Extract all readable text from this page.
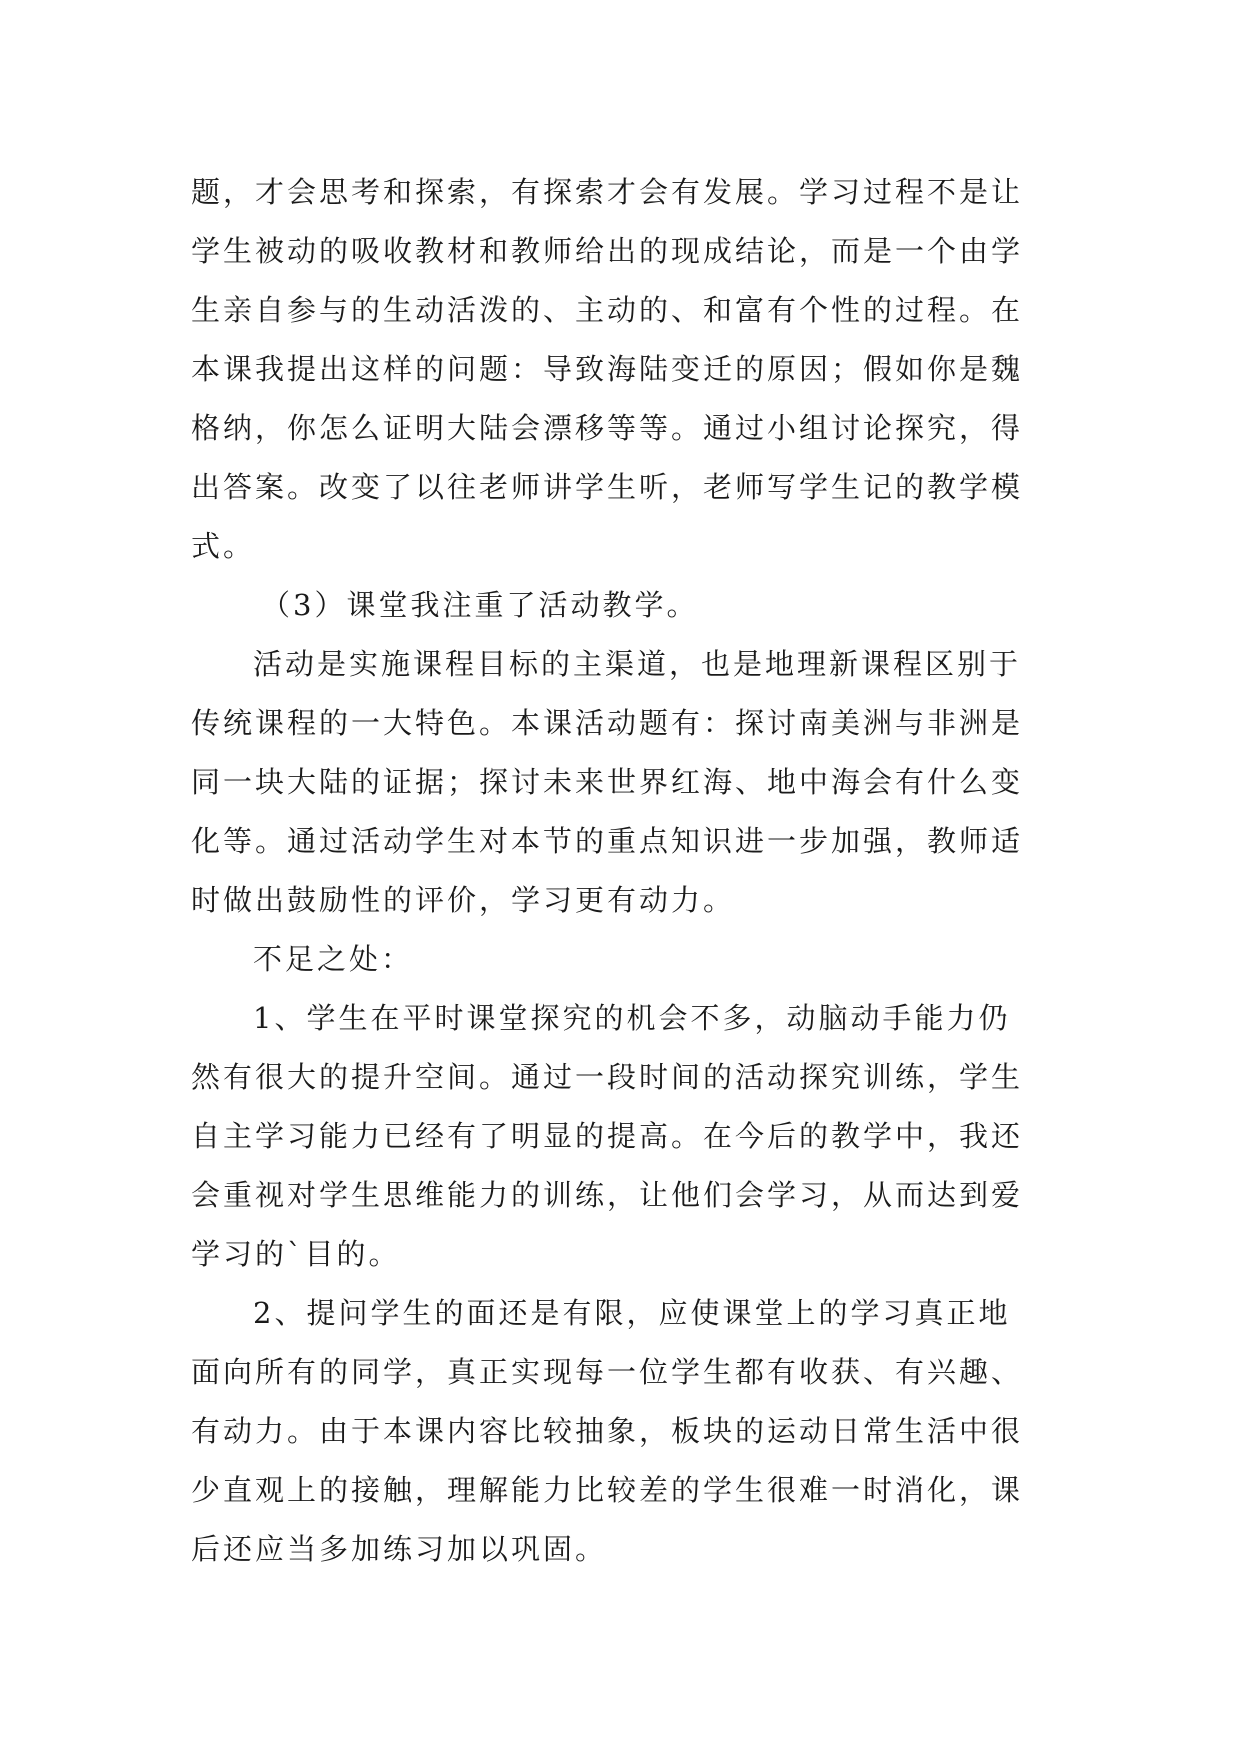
题，才会思考和探索，有探索才会有发展。学习过程不是让
学生被动的吸收教材和教师给出的现成结论，而是一个由学
生亲自参与的生动活泼的、主动的、和富有个性的过程。在
本课我提出这样的问题：导致海陆变迁的原因；假如你是魏
格纳，你怎么证明大陆会漂移等等。通过小组讨论探究，得
出答案。改变了以往老师讲学生听，老师写学生记的教学模
式。
（3）课堂我注重了活动教学。
活动是实施课程目标的主渠道，也是地理新课程区别于
传统课程的一大特色。本课活动题有：探讨南美洲与非洲是
同一块大陆的证据；探讨未来世界红海、地中海会有什么变
化等。通过活动学生对本节的重点知识进一步加强，教师适
时做出鼓励性的评价，学习更有动力。
不足之处：
1、学生在平时课堂探究的机会不多，动脑动手能力仍
然有很大的提升空间。通过一段时间的活动探究训练，学生
自主学习能力已经有了明显的提高。在今后的教学中，我还
会重视对学生思维能力的训练，让他们会学习，从而达到爱
学习的`目的。
2、提问学生的面还是有限，应使课堂上的学习真正地
面向所有的同学，真正实现每一位学生都有收获、有兴趣、
有动力。由于本课内容比较抽象，板块的运动日常生活中很
少直观上的接触，理解能力比较差的学生很难一时消化，课
后还应当多加练习加以巩固。
